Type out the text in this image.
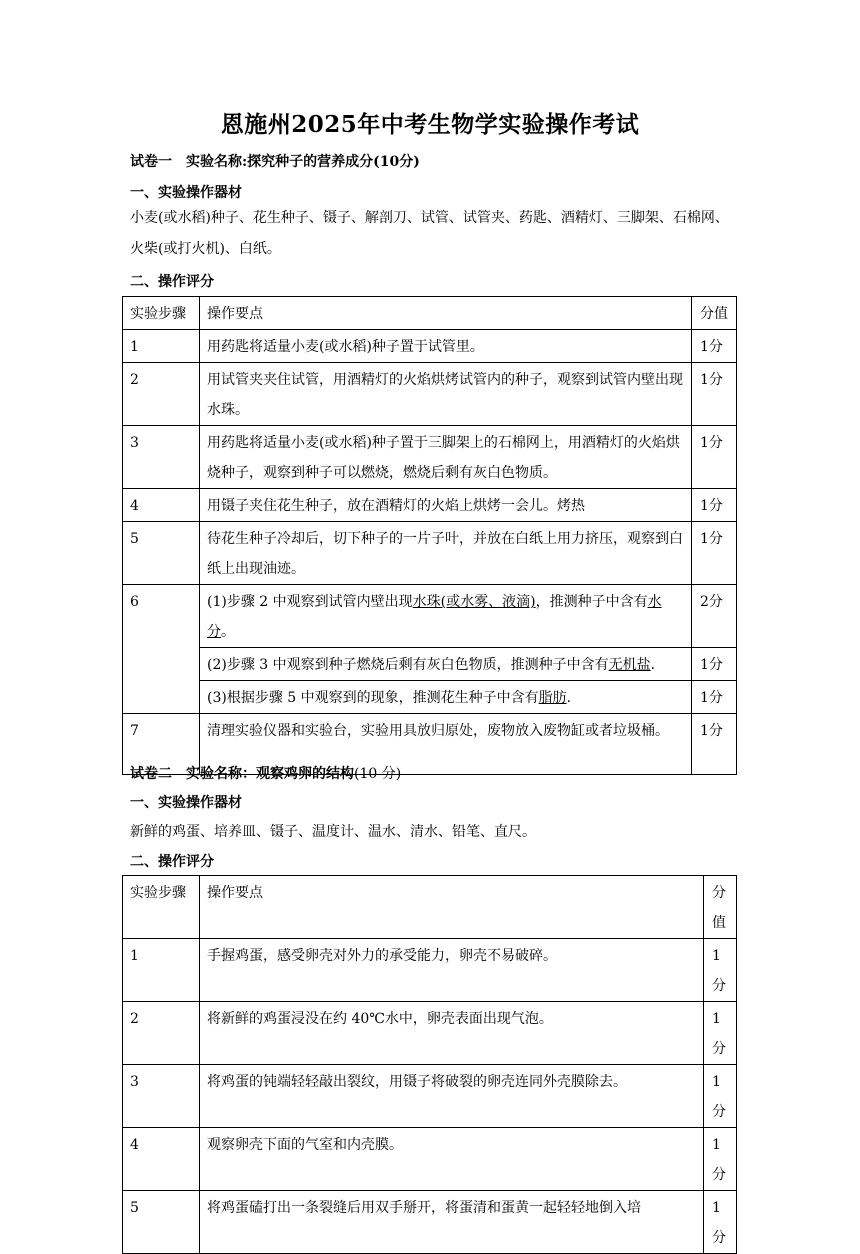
恩施州2025年中考生物学实验操作考试
试卷一 实验名称:探究种子的营养成分(10分)
一、实验操作器材
小麦(或水稻)种子、花生种子、镊子、解剖刀、试管、试管夹、药匙、酒精灯、三脚架、石棉网、火柴(或打火机)、白纸。
二、操作评分
实验步骤	操作要点	分值
1	用药匙将适量小麦(或水稻)种子置于试管里。	1分
2	用试管夹夹住试管，用酒精灯的火焰烘烤试管内的种子，观察到试管内壁出现水珠。	1分
3	用药匙将适量小麦(或水稻)种子置于三脚架上的石棉网上，用酒精灯的火焰烘烧种子，观察到种子可以燃烧，燃烧后剩有灰白色物质。	1分
4	用镊子夹住花生种子，放在酒精灯的火焰上烘烤一会儿。烤热	1分
5	待花生种子冷却后，切下种子的一片子叶，并放在白纸上用力挤压，观察到白纸上出现油迹。	1分
6	(1)步骤 2 中观察到试管内壁出现水珠(或水雾、液滴)，推测种子中含有水分。	2分
	(2)步骤 3 中观察到种子燃烧后剩有灰白色物质，推测种子中含有无机盐.	1分
	(3)根据步骤 5 中观察到的现象，推测花生种子中含有脂肪.	1分
7	清理实验仪器和实验台，实验用具放归原处，废物放入废物缸或者垃圾桶。	1分
试卷二 实验名称：观察鸡卵的结构(10 分)
一、实验操作器材
新鲜的鸡蛋、培养皿、镊子、温度计、温水、清水、铅笔、直尺。
二、操作评分
实验步骤	操作要点	分值
1	手握鸡蛋，感受卵壳对外力的承受能力，卵壳不易破碎。	1分
2	将新鲜的鸡蛋浸没在约 40℃水中，卵壳表面出现气泡。	1分
3	将鸡蛋的钝端轻轻敲出裂纹，用镊子将破裂的卵壳连同外壳膜除去。	1分
4	观察卵壳下面的气室和内壳膜。	1分
5	将鸡蛋磕打出一条裂缝后用双手掰开，将蛋清和蛋黄一起轻轻地倒入培	1分
